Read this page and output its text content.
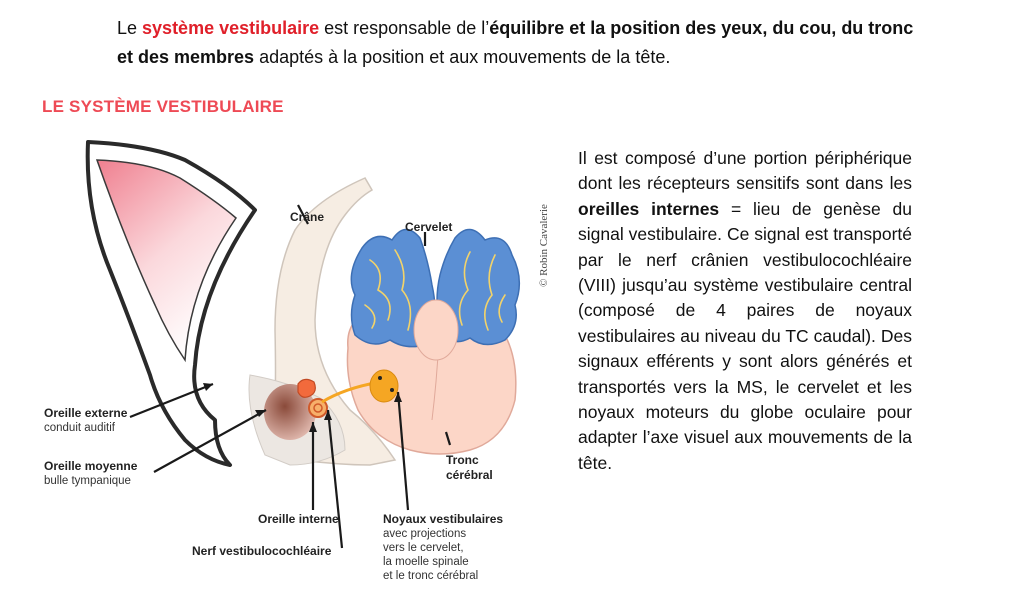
Le système vestibulaire est responsable de l’équilibre et la position des yeux, du cou, du tronc et des membres adaptés à la position et aux mouvements de la tête.
LE SYSTÈME VESTIBULAIRE
Crâne
Cervelet
Oreille externe
conduit auditif
Oreille moyenne
bulle tympanique
Oreille interne
Nerf vestibulocochléaire
Noyaux vestibulaires
avec projections
vers le cervelet,
la moelle spinale
et le tronc cérébral
Tronc
cérébral
© Robin Cavalerie
Il est composé d’une portion périphérique dont les récepteurs sensitifs sont dans les oreilles internes = lieu de genèse du signal vestibulaire. Ce signal est transporté par le nerf crânien vestibulocochléaire (VIII) jusqu’au système vestibulaire central (composé de 4 paires de noyaux vestibulaires au niveau du TC caudal). Des signaux efférents y sont alors générés et transportés vers la MS, le cervelet et les noyaux moteurs du globe oculaire pour adapter l’axe visuel aux mouvements de la tête.
